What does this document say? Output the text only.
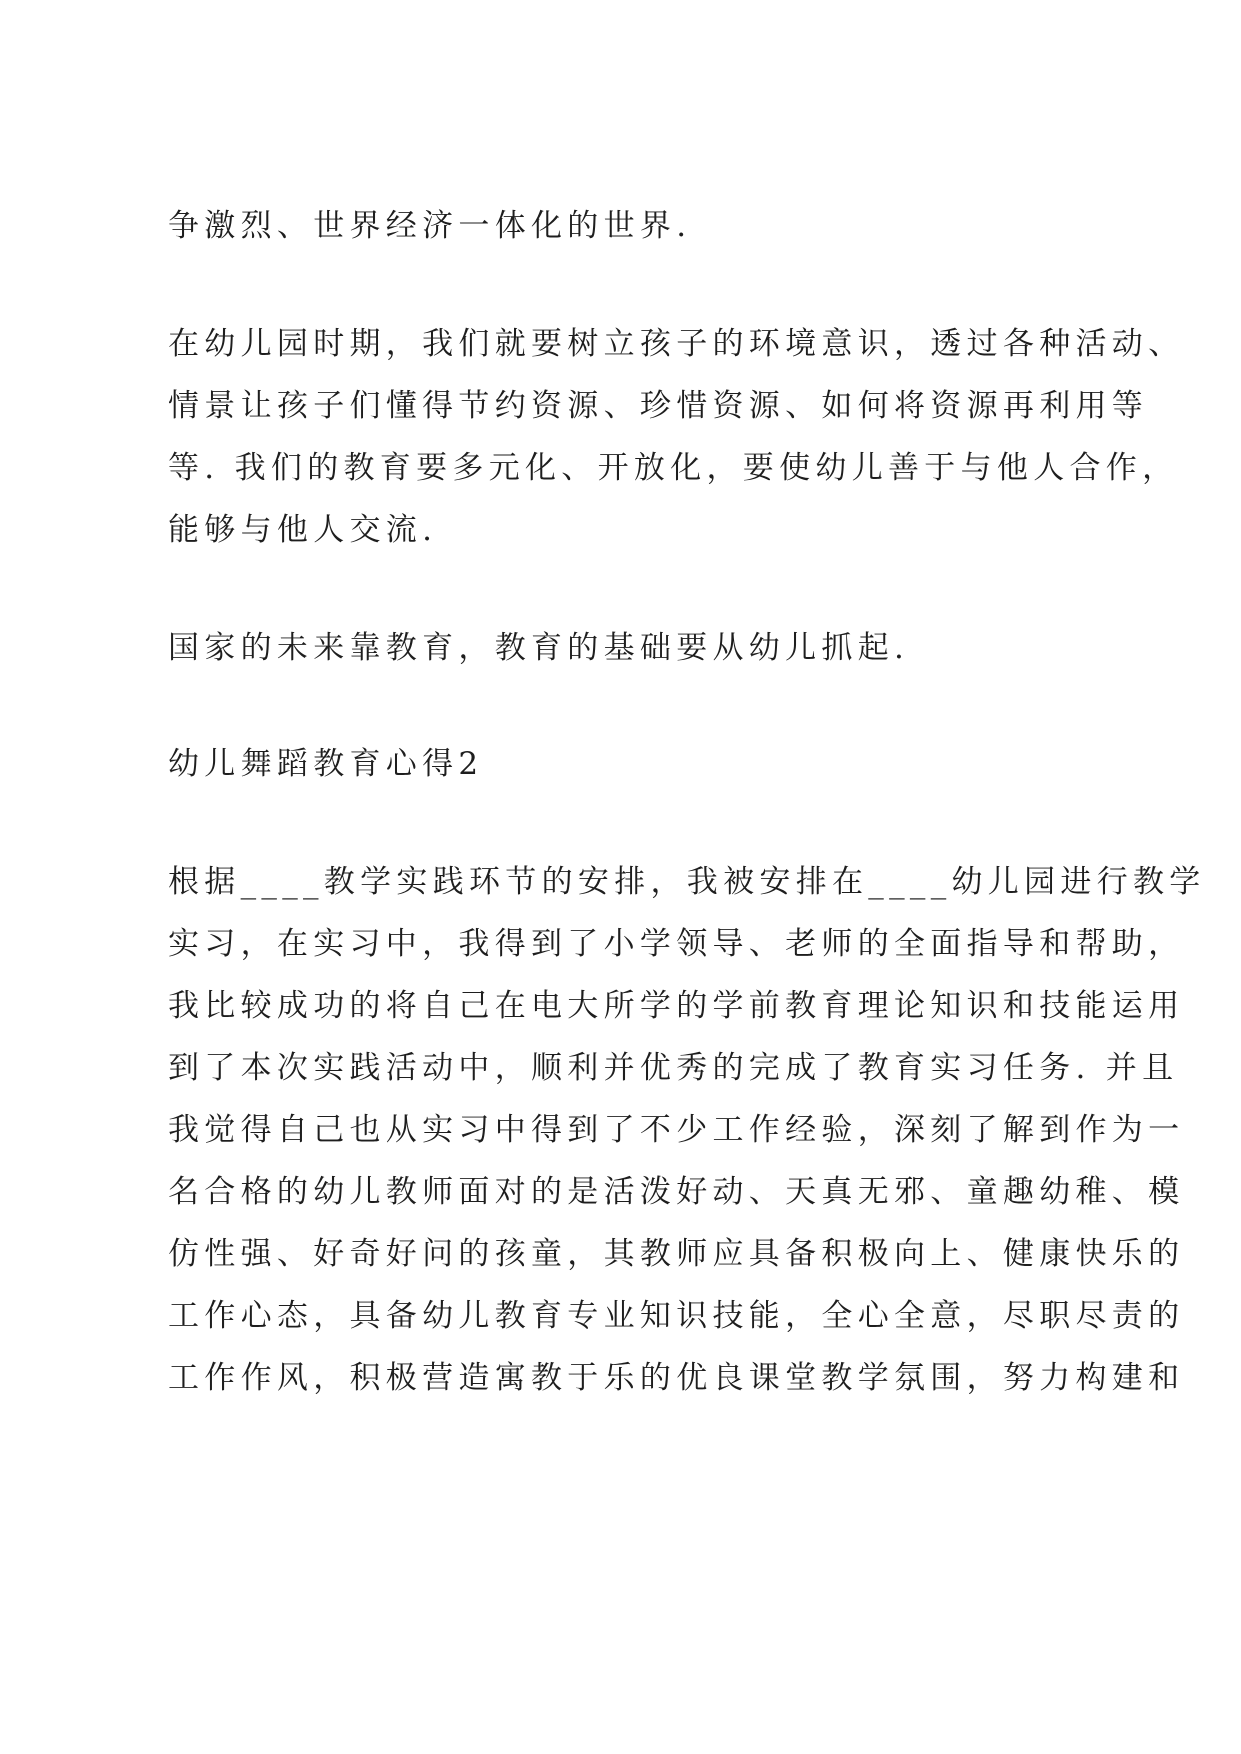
争激烈、世界经济一体化的世界.
在幼儿园时期，我们就要树立孩子的环境意识，透过各种活动、
情景让孩子们懂得节约资源、珍惜资源、如何将资源再利用等
等. 我们的教育要多元化、开放化，要使幼儿善于与他人合作，
能够与他人交流.
国家的未来靠教育，教育的基础要从幼儿抓起.
幼儿舞蹈教育心得2
根据____教学实践环节的安排，我被安排在____幼儿园进行教学
实习，在实习中，我得到了小学领导、老师的全面指导和帮助，
我比较成功的将自己在电大所学的学前教育理论知识和技能运用
到了本次实践活动中，顺利并优秀的完成了教育实习任务. 并且
我觉得自己也从实习中得到了不少工作经验，深刻了解到作为一
名合格的幼儿教师面对的是活泼好动、天真无邪、童趣幼稚、模
仿性强、好奇好问的孩童，其教师应具备积极向上、健康快乐的
工作心态，具备幼儿教育专业知识技能，全心全意，尽职尽责的
工作作风，积极营造寓教于乐的优良课堂教学氛围，努力构建和
